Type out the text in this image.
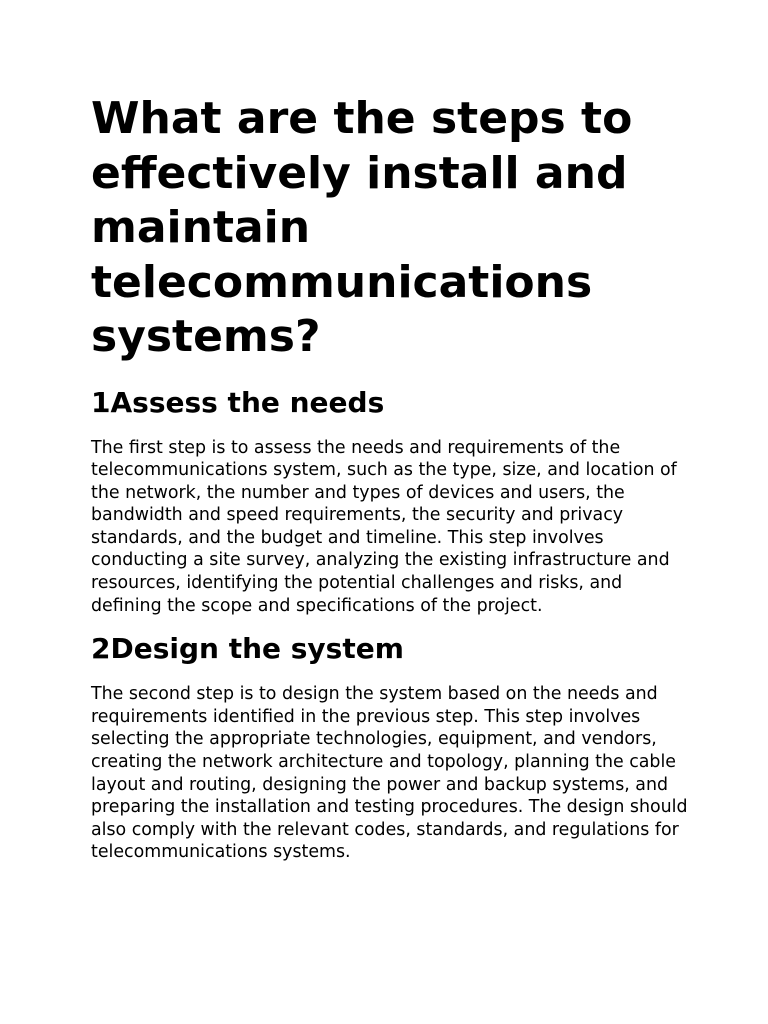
What are the steps to effectively install and maintain telecommunications systems?
1Assess the needs

The first step is to assess the needs and requirements of the telecommunications system, such as the type, size, and location of the network, the number and types of devices and users, the bandwidth and speed requirements, the security and privacy standards, and the budget and timeline. This step involves conducting a site survey, analyzing the existing infrastructure and resources, identifying the potential challenges and risks, and defining the scope and specifications of the project.

2Design the system

The second step is to design the system based on the needs and requirements identified in the previous step. This step involves selecting the appropriate technologies, equipment, and vendors, creating the network architecture and topology, planning the cable layout and routing, designing the power and backup systems, and preparing the installation and testing procedures. The design should also comply with the relevant codes, standards, and regulations for telecommunications systems.
